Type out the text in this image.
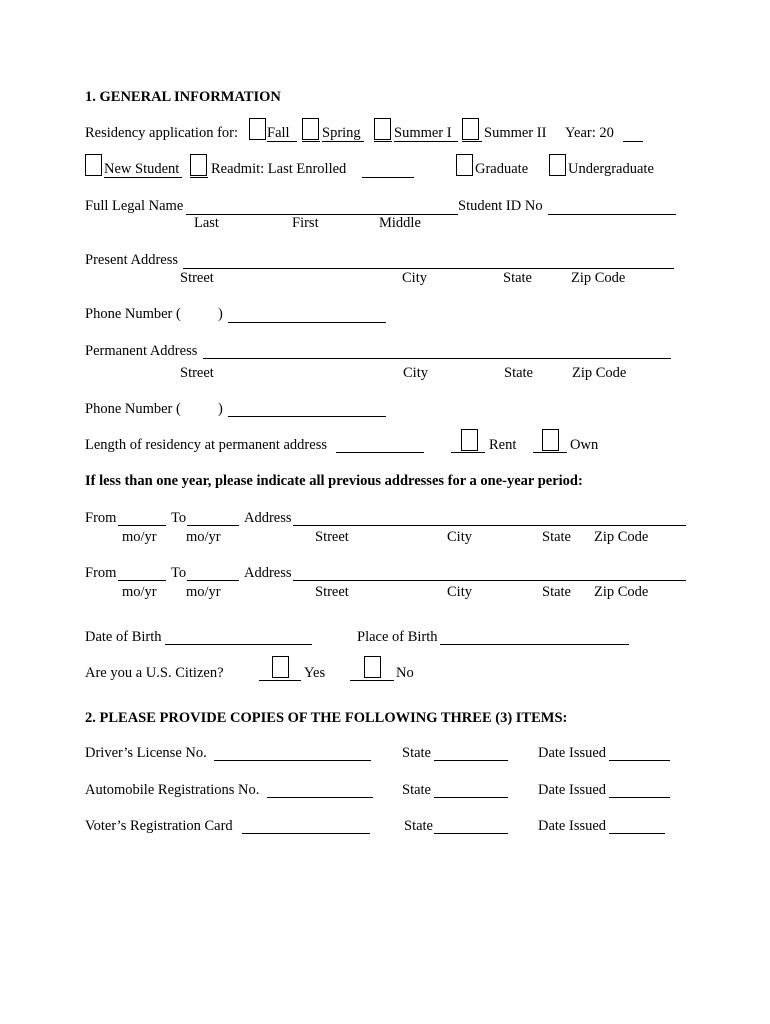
1. GENERAL INFORMATION
Residency application for: Fall Spring Summer I Summer II Year: 20
New Student Readmit: Last Enrolled	Graduate	Undergraduate
Full Legal Name	Student ID No
Last	First	Middle
Present Address
Street	City	State	Zip Code
Phone Number (	)
Permanent Address
Street	City	State	Zip Code
Phone Number (	)
Length of residency at permanent address	Rent	Own
If less than one year, please indicate all previous addresses for a one-year period:
From	To	Address
mo/yr mo/yr	Street	City	State Zip Code
From	To	Address
mo/yr mo/yr	Street	City	State Zip Code
Date of Birth	Place of Birth
Are you a U.S. Citizen?	Yes	No
2. PLEASE PROVIDE COPIES OF THE FOLLOWING THREE (3) ITEMS:
Driver’s License No.	State	Date Issued
Automobile Registrations No.	State	Date Issued
Voter’s Registration Card	State	Date Issued
